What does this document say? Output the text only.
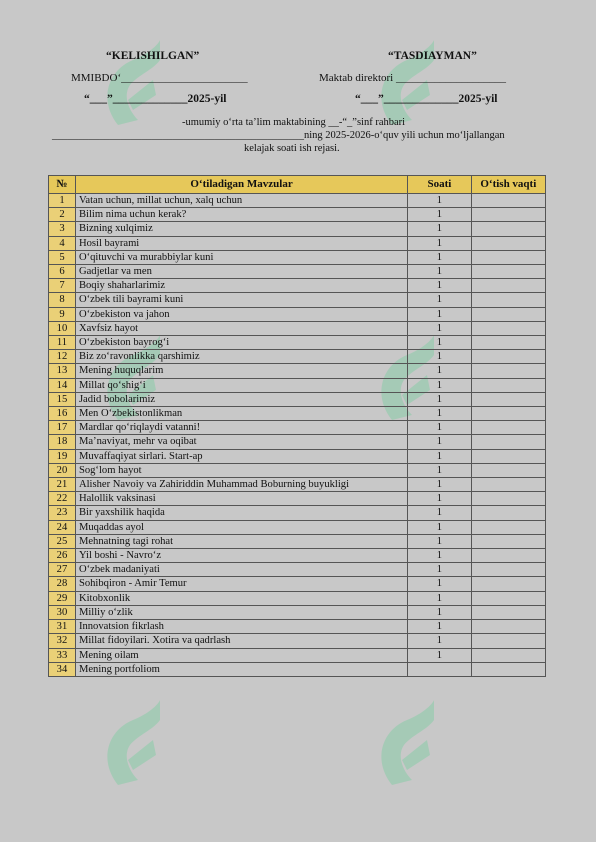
“KELISHILGAN”	“TASDIAYMAN”
MMIBDO‘_______________________	Maktab direktori ____________________
“___”_____________2025-yil	“___”_____________2025-yil
-umumiy o‘rta ta’lim maktabining __-“_”sinf rahbari
________________________________________________ning 2025-2026-o‘quv yili uchun mo‘ljallangan
kelajak soati ish rejasi.
№	O‘tiladigan Mavzular	Soati	O‘tish vaqti
1	Vatan uchun, millat uchun, xalq uchun	1	
2	Bilim nima uchun kerak?	1	
3	Bizning xulqimiz	1	
4	Hosil bayrami	1	
5	O‘qituvchi va murabbiylar kuni	1	
6	Gadjetlar va men	1	
7	Boqiy shaharlarimiz	1	
8	O‘zbek tili bayrami kuni	1	
9	O‘zbekiston va jahon	1	
10	Xavfsiz hayot	1	
11	O‘zbekiston bayrog‘i	1	
12	Biz zo‘ravonlikka qarshimiz	1	
13	Mening huquqlarim	1	
14	Millat qo‘shig‘i	1	
15	Jadid bobolarimiz	1	
16	Men O‘zbekistonlikman	1	
17	Mardlar qo‘riqlaydi vatanni!	1	
18	Ma’naviyat, mehr va oqibat	1	
19	Muvaffaqiyat sirlari. Start-ap	1	
20	Sog‘lom hayot	1	
21	Alisher Navoiy va Zahiriddin Muhammad Boburning buyukligi	1	
22	Halollik vaksinasi	1	
23	Bir yaxshilik haqida	1	
24	Muqaddas ayol	1	
25	Mehnatning tagi rohat	1	
26	Yil boshi - Navro‘z	1	
27	O‘zbek madaniyati	1	
28	Sohibqiron - Amir Temur	1	
29	Kitobxonlik	1	
30	Milliy o‘zlik	1	
31	Innovatsion fikrlash	1	
32	Millat fidoyilari. Xotira va qadrlash	1	
33	Mening oilam	1	
34	Mening portfoliom		
